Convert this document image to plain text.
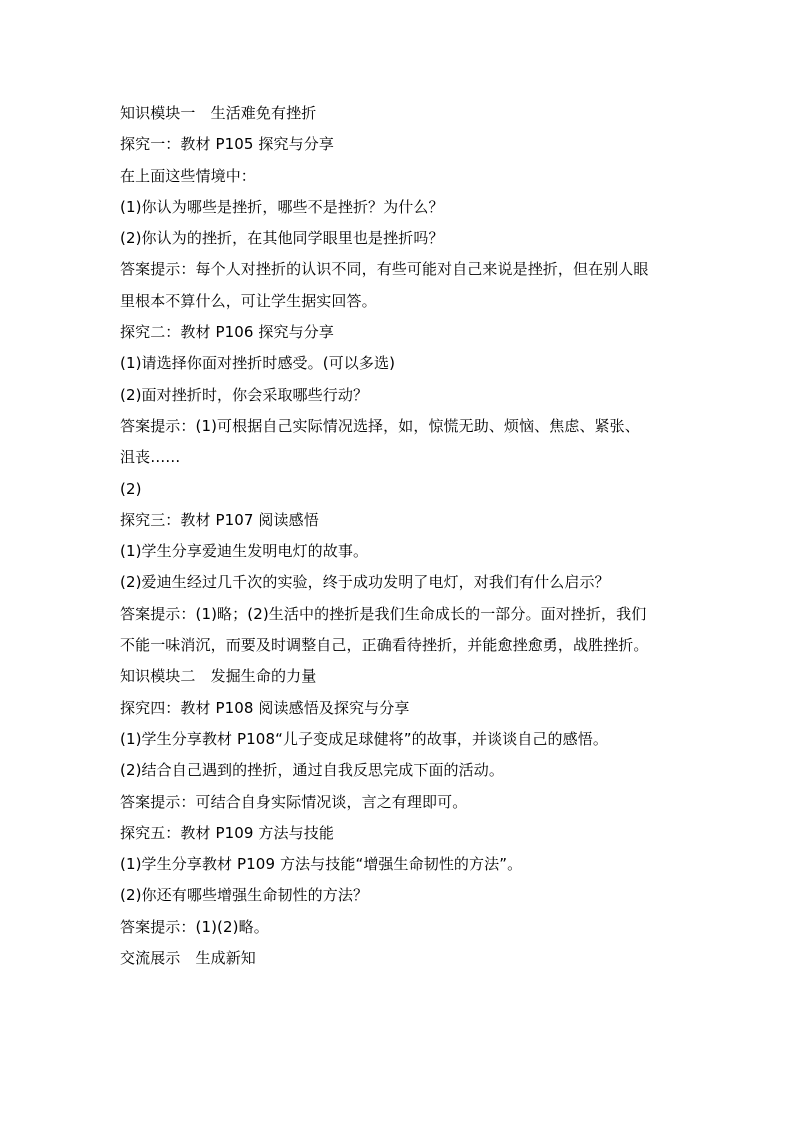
知识模块一　生活难免有挫折
探究一：教材 P105 探究与分享
在上面这些情境中：
(1)你认为哪些是挫折，哪些不是挫折？为什么？
(2)你认为的挫折，在其他同学眼里也是挫折吗？
答案提示：每个人对挫折的认识不同，有些可能对自己来说是挫折，但在别人眼
里根本不算什么，可让学生据实回答。
探究二：教材 P106 探究与分享
(1)请选择你面对挫折时感受。(可以多选)
(2)面对挫折时，你会采取哪些行动？
答案提示：(1)可根据自己实际情况选择，如，惊慌无助、烦恼、焦虑、紧张、
沮丧……
(2)
探究三：教材 P107 阅读感悟
(1)学生分享爱迪生发明电灯的故事。
(2)爱迪生经过几千次的实验，终于成功发明了电灯，对我们有什么启示？
答案提示：(1)略；(2)生活中的挫折是我们生命成长的一部分。面对挫折，我们
不能一味消沉，而要及时调整自己，正确看待挫折，并能愈挫愈勇，战胜挫折。
知识模块二　发掘生命的力量
探究四：教材 P108 阅读感悟及探究与分享
(1)学生分享教材 P108“儿子变成足球健将”的故事，并谈谈自己的感悟。
(2)结合自己遇到的挫折，通过自我反思完成下面的活动。
答案提示：可结合自身实际情况谈，言之有理即可。
探究五：教材 P109 方法与技能
(1)学生分享教材 P109 方法与技能“增强生命韧性的方法”。
(2)你还有哪些增强生命韧性的方法？
答案提示：(1)(2)略。
交流展示　生成新知
